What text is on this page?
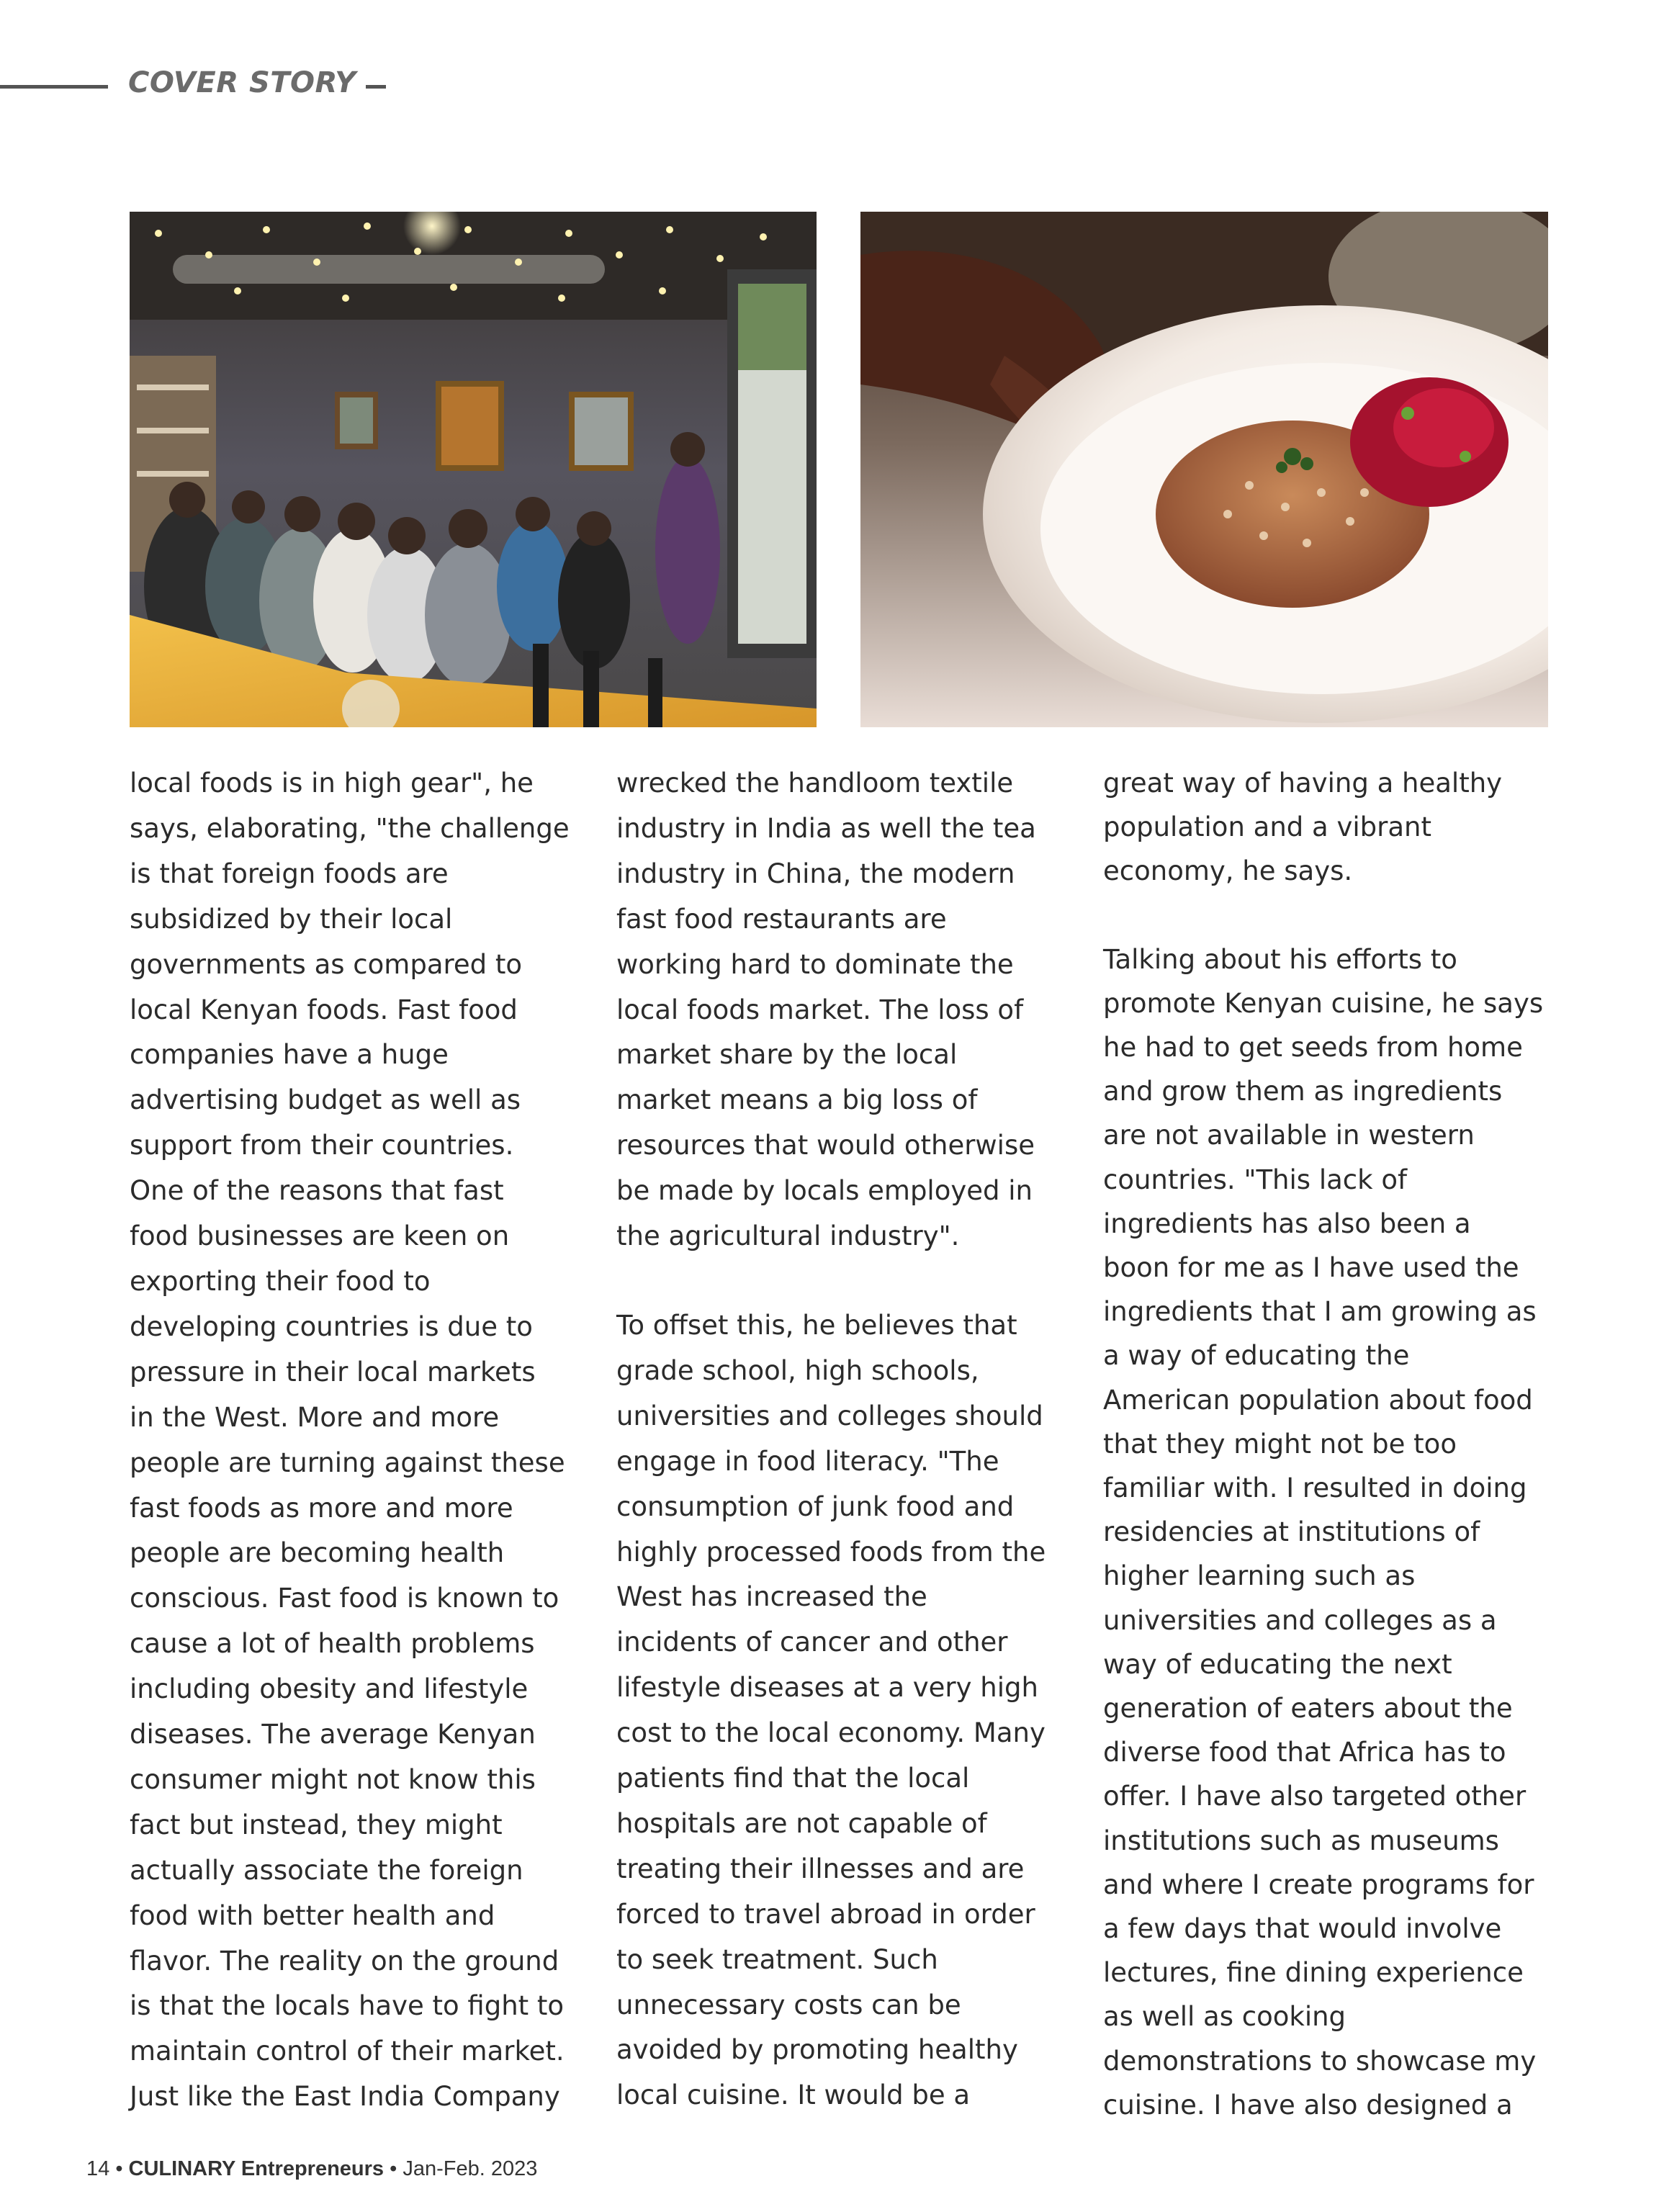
COVER STORY

local foods is in high gear", he
says, elaborating, "the challenge
is that foreign foods are
subsidized by their local
governments as compared to
local Kenyan foods. Fast food
companies have a huge
advertising budget as well as
support from their countries.
One of the reasons that fast
food businesses are keen on
exporting their food to
developing countries is due to
pressure in their local markets
in the West. More and more
people are turning against these
fast foods as more and more
people are becoming health
conscious. Fast food is known to
cause a lot of health problems
including obesity and lifestyle
diseases. The average Kenyan
consumer might not know this
fact but instead, they might
actually associate the foreign
food with better health and
flavor. The reality on the ground
is that the locals have to fight to
maintain control of their market.
Just like the East India Company

wrecked the handloom textile
industry in India as well the tea
industry in China, the modern
fast food restaurants are
working hard to dominate the
local foods market. The loss of
market share by the local
market means a big loss of
resources that would otherwise
be made by locals employed in
the agricultural industry".

To offset this, he believes that
grade school, high schools,
universities and colleges should
engage in food literacy. "The
consumption of junk food and
highly processed foods from the
West has increased the
incidents of cancer and other
lifestyle diseases at a very high
cost to the local economy. Many
patients find that the local
hospitals are not capable of
treating their illnesses and are
forced to travel abroad in order
to seek treatment. Such
unnecessary costs can be
avoided by promoting healthy
local cuisine. It would be a

great way of having a healthy
population and a vibrant
economy, he says.

Talking about his efforts to
promote Kenyan cuisine, he says
he had to get seeds from home
and grow them as ingredients
are not available in western
countries. "This lack of
ingredients has also been a
boon for me as I have used the
ingredients that I am growing as
a way of educating the
American population about food
that they might not be too
familiar with. I resulted in doing
residencies at institutions of
higher learning such as
universities and colleges as a
way of educating the next
generation of eaters about the
diverse food that Africa has to
offer. I have also targeted other
institutions such as museums
and where I create programs for
a few days that would involve
lectures, fine dining experience
as well as cooking
demonstrations to showcase my
cuisine. I have also designed a

14 • CULINARY Entrepreneurs • Jan-Feb. 2023
